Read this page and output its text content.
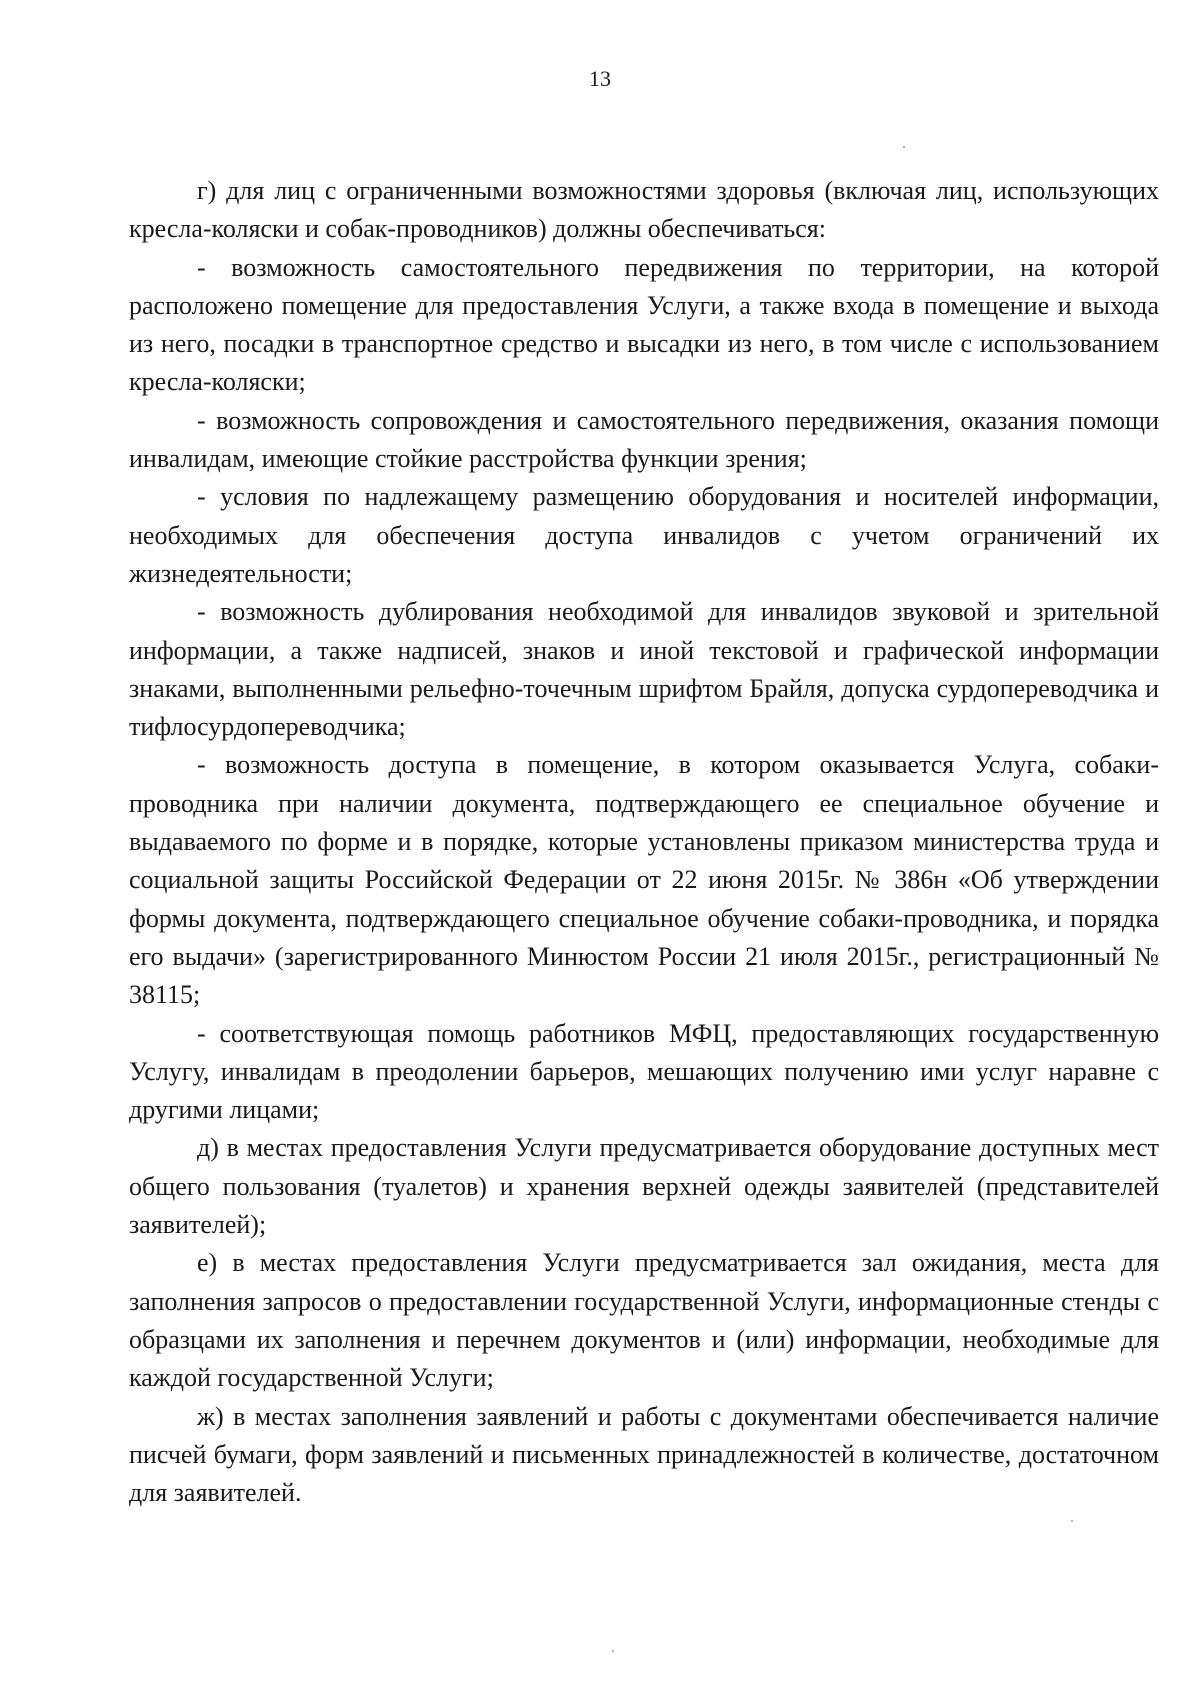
13

г) для лиц с ограниченными возможностями здоровья (включая лиц, использующих кресла-коляски и собак-проводников) должны обеспечиваться:

- возможность самостоятельного передвижения по территории, на которой расположено помещение для предоставления Услуги, а также входа в помещение и выхода из него, посадки в транспортное средство и высадки из него, в том числе с использованием кресла-коляски;

- возможность сопровождения и самостоятельного передвижения, оказания помощи инвалидам, имеющие стойкие расстройства функции зрения;

- условия по надлежащему размещению оборудования и носителей информации, необходимых для обеспечения доступа инвалидов с учетом ограничений их жизнедеятельности;

- возможность дублирования необходимой для инвалидов звуковой и зрительной информации, а также надписей, знаков и иной текстовой и графической информации знаками, выполненными рельефно-точечным шрифтом Брайля, допуска сурдопереводчика и тифлосурдопереводчика;

- возможность доступа в помещение, в котором оказывается Услуга, собаки-проводника при наличии документа, подтверждающего ее специальное обучение и выдаваемого по форме и в порядке, которые установлены приказом министерства труда и социальной защиты Российской Федерации от 22 июня 2015г. № 386н «Об утверждении формы документа, подтверждающего специальное обучение собаки-проводника, и порядка его выдачи» (зарегистрированного Минюстом России 21 июля 2015г., регистрационный № 38115;

- соответствующая помощь работников МФЦ, предоставляющих государственную Услугу, инвалидам в преодолении барьеров, мешающих получению ими услуг наравне с другими лицами;

д) в местах предоставления Услуги предусматривается оборудование доступных мест общего пользования (туалетов) и хранения верхней одежды заявителей (представителей заявителей);

е) в местах предоставления Услуги предусматривается зал ожидания, места для заполнения запросов о предоставлении государственной Услуги, информационные стенды с образцами их заполнения и перечнем документов и (или) информации, необходимые для каждой государственной Услуги;

ж) в местах заполнения заявлений и работы с документами обеспечивается наличие писчей бумаги, форм заявлений и письменных принадлежностей в количестве, достаточном для заявителей.
